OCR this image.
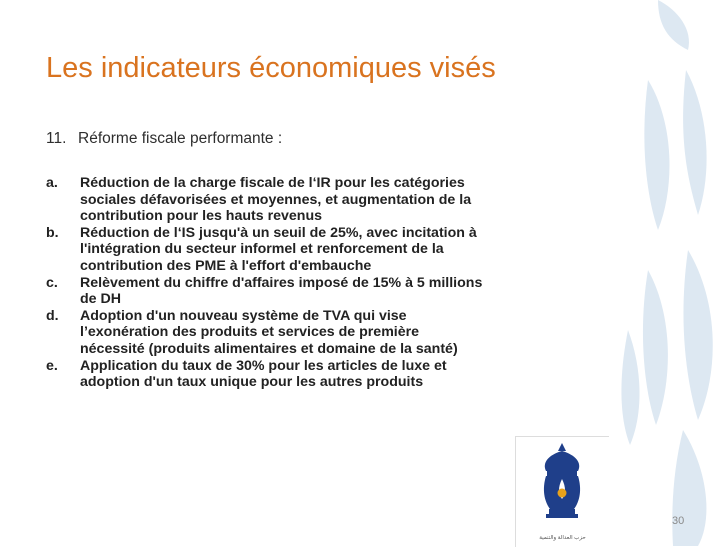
Les indicateurs économiques visés
11. Réforme fiscale performante :
a. Réduction de la charge fiscale de l‘IR pour les catégories sociales défavorisées et moyennes, et augmentation de la contribution pour les hauts revenus
b. Réduction de l‘IS jusqu'à un seuil de 25%, avec incitation à l'intégration du secteur informel et renforcement de la contribution des PME à l'effort d'embauche
c. Relèvement du chiffre d'affaires imposé de 15% à 5 millions de DH
d. Adoption d'un nouveau système de TVA qui vise l’exonération des produits et services de première nécessité (produits alimentaires et domaine de la santé)
e. Application du taux de 30% pour les articles de luxe et adoption d'un taux unique pour les autres produits
حزب العدالة والتنمية
30
